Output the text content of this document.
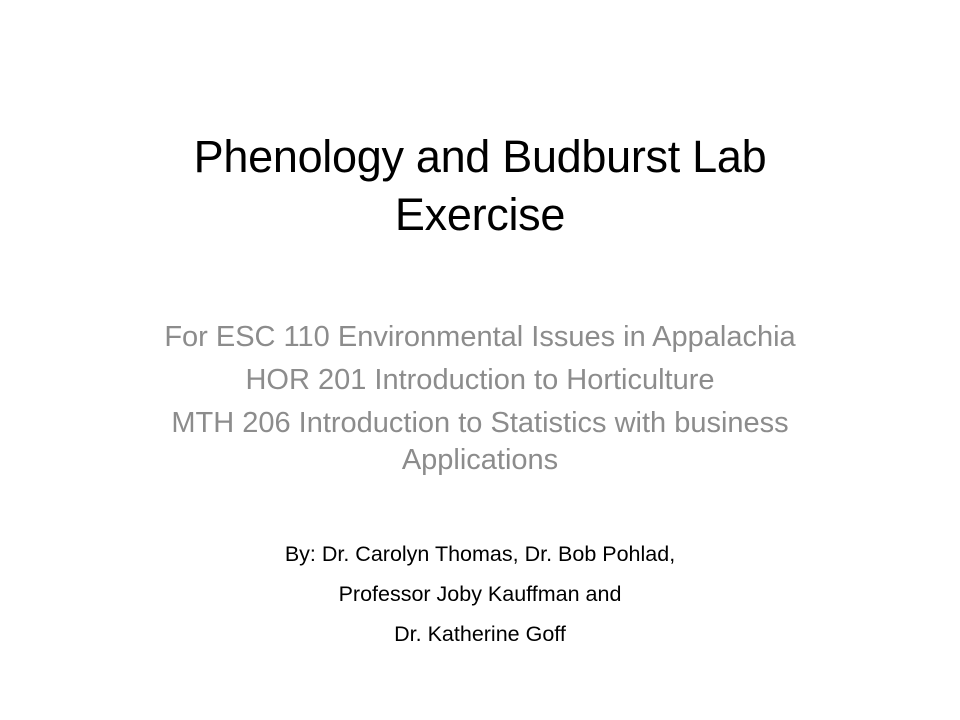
Phenology and Budburst Lab
Exercise
For ESC 110 Environmental Issues in Appalachia
HOR 201 Introduction to Horticulture
MTH 206 Introduction to Statistics with business
Applications
By: Dr. Carolyn Thomas, Dr. Bob Pohlad,
Professor Joby Kauffman and
Dr. Katherine Goff
